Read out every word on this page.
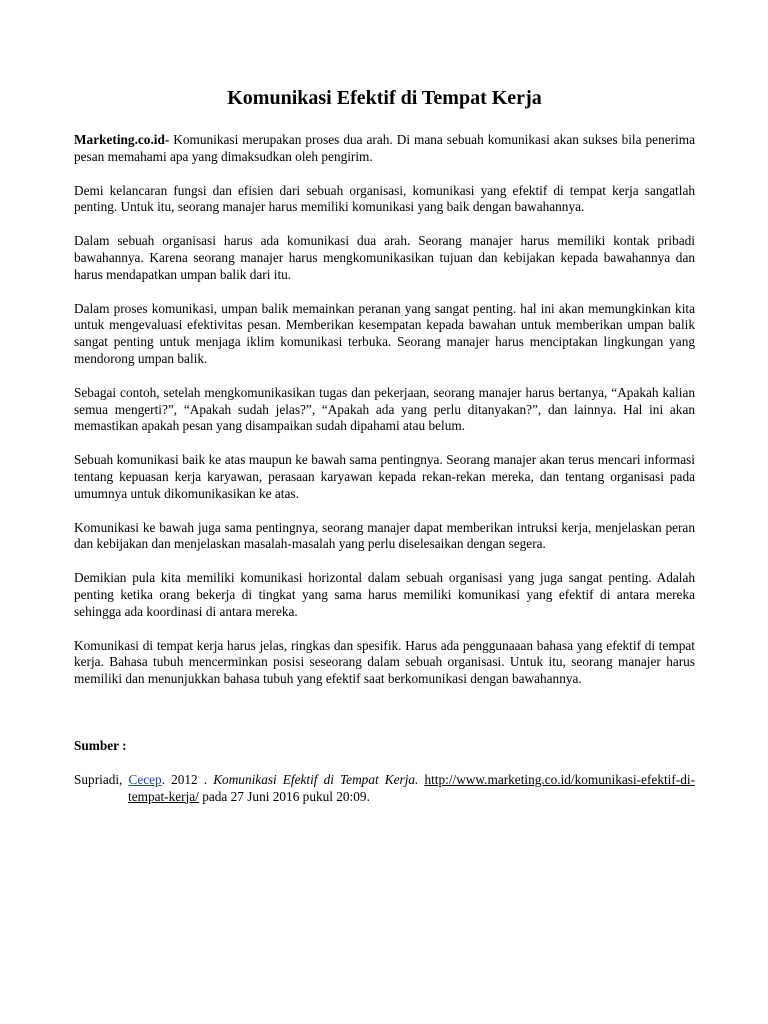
Komunikasi Efektif di Tempat Kerja

Marketing.co.id- Komunikasi merupakan proses dua arah. Di mana sebuah komunikasi akan sukses bila penerima pesan memahami apa yang dimaksudkan oleh pengirim.

Demi kelancaran fungsi dan efisien dari sebuah organisasi, komunikasi yang efektif di tempat kerja sangatlah penting. Untuk itu, seorang manajer harus memiliki komunikasi yang baik dengan bawahannya.

Dalam sebuah organisasi harus ada komunikasi dua arah. Seorang manajer harus memiliki kontak pribadi bawahannya. Karena seorang manajer harus mengkomunikasikan tujuan dan kebijakan kepada bawahannya dan harus mendapatkan umpan balik dari itu.

Dalam proses komunikasi, umpan balik memainkan peranan yang sangat penting. hal ini akan memungkinkan kita untuk mengevaluasi efektivitas pesan. Memberikan kesempatan kepada bawahan untuk memberikan umpan balik sangat penting untuk menjaga iklim komunikasi terbuka. Seorang manajer harus menciptakan lingkungan yang mendorong umpan balik.

Sebagai contoh, setelah mengkomunikasikan tugas dan pekerjaan, seorang manajer harus bertanya, “Apakah kalian semua mengerti?”, “Apakah sudah jelas?”, “Apakah ada yang perlu ditanyakan?”, dan lainnya. Hal ini akan memastikan apakah pesan yang disampaikan sudah dipahami atau belum.

Sebuah komunikasi baik ke atas maupun ke bawah sama pentingnya. Seorang manajer akan terus mencari informasi tentang kepuasan kerja karyawan, perasaan karyawan kepada rekan-rekan mereka, dan tentang organisasi pada umumnya untuk dikomunikasikan ke atas.

Komunikasi ke bawah juga sama pentingnya, seorang manajer dapat memberikan intruksi kerja, menjelaskan peran dan kebijakan dan menjelaskan masalah-masalah yang perlu diselesaikan dengan segera.

Demikian pula kita memiliki komunikasi horizontal dalam sebuah organisasi yang juga sangat penting. Adalah penting ketika orang bekerja di tingkat yang sama harus memiliki komunikasi yang efektif di antara mereka sehingga ada koordinasi di antara mereka.

Komunikasi di tempat kerja harus jelas, ringkas dan spesifik. Harus ada penggunaaan bahasa yang efektif di tempat kerja. Bahasa tubuh mencerminkan posisi seseorang dalam sebuah organisasi. Untuk itu, seorang manajer harus memiliki dan menunjukkan bahasa tubuh yang efektif saat berkomunikasi dengan bawahannya.

Sumber :

Supriadi, Cecep. 2012 . Komunikasi Efektif di Tempat Kerja. http://www.marketing.co.id/komunikasi-efektif-di-tempat-kerja/ pada 27 Juni 2016 pukul 20:09.
